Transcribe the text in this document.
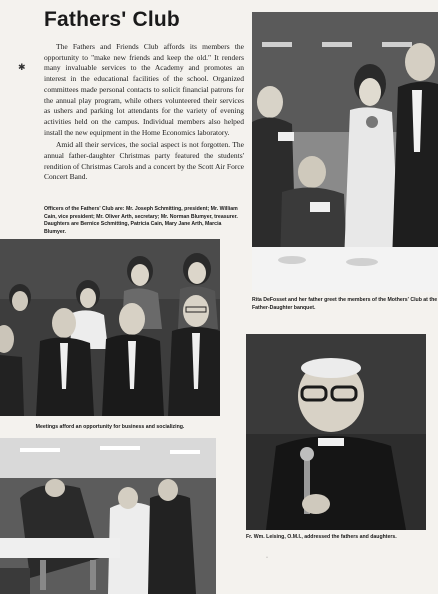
Fathers' Club

The Fathers and Friends Club affords its members the opportunity to "make new friends and keep the old." It renders many invaluable services to the Academy and promotes an interest in the educational facilities of the school. Organized committees made personal contacts to solicit financial patrons for the annual play program, while others volunteered their services as ushers and parking lot attendants for the variety of evening activities held on the campus. Individual members also helped install the new equipment in the Home Economics laboratory.

Amid all their services, the social aspect is not forgotten. The annual father-daughter Christmas party featured the students' rendition of Christmas Carols and a concert by the Scott Air Force Concert Band.

✱
Officers of the Fathers' Club are: Mr. Joseph Schmitting, president; Mr. William Cain, vice president; Mr. Oliver Arth, secretary; Mr. Norman Blumyer, treasurer. Daughters are Bernice Schmitting, Patricia Cain, Mary Jane Arth, Marcia Blumyer.
Rita DeFosset and her father greet the members of the Mothers' Club at the Father-Daughter banquet.
Meetings afford an opportunity for business and socializing.
Fr. Wm. Leising, O.M.I., addressed the fathers and daughters.
·
